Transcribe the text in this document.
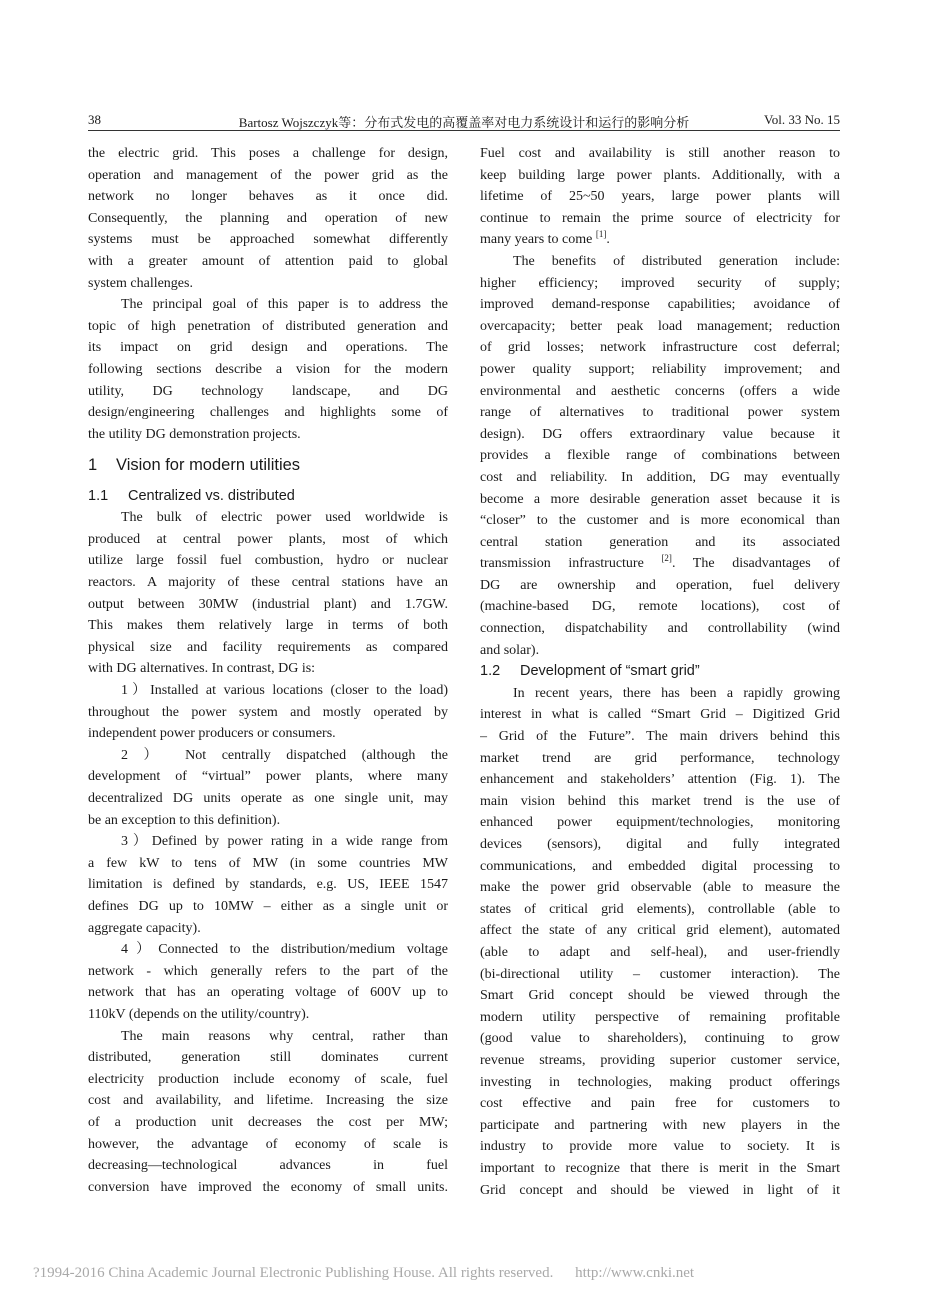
38	Bartosz Wojszczyk等：分布式发电的高覆盖率对电力系统设计和运行的影响分析	Vol. 33 No. 15
the electric grid. This poses a challenge for design,
operation and management of the power grid as the
network no longer behaves as it once did.
Consequently, the planning and operation of new
systems must be approached somewhat differently
with a greater amount of attention paid to global
system challenges.
The principal goal of this paper is to address the
topic of high penetration of distributed generation and
its impact on grid design and operations. The
following sections describe a vision for the modern
utility, DG technology landscape, and DG
design/engineering challenges and highlights some of
the utility DG demonstration projects.
1 Vision for modern utilities
1.1 Centralized vs. distributed
The bulk of electric power used worldwide is
produced at central power plants, most of which
utilize large fossil fuel combustion, hydro or nuclear
reactors. A majority of these central stations have an
output between 30MW (industrial plant) and 1.7GW.
This makes them relatively large in terms of both
physical size and facility requirements as compared
with DG alternatives. In contrast, DG is:
1）Installed at various locations (closer to the load)
throughout the power system and mostly operated by
independent power producers or consumers.
2 ） Not centrally dispatched (although the
development of “virtual” power plants, where many
decentralized DG units operate as one single unit, may
be an exception to this definition).
3）Defined by power rating in a wide range from
a few kW to tens of MW (in some countries MW
limitation is defined by standards, e.g. US, IEEE 1547
defines DG up to 10MW – either as a single unit or
aggregate capacity).
4）Connected to the distribution/medium voltage
network - which generally refers to the part of the
network that has an operating voltage of 600V up to
110kV (depends on the utility/country).
The main reasons why central, rather than
distributed, generation still dominates current
electricity production include economy of scale, fuel
cost and availability, and lifetime. Increasing the size
of a production unit decreases the cost per MW;
however, the advantage of economy of scale is
decreasing—technological advances in fuel
conversion have improved the economy of small units.
Fuel cost and availability is still another reason to
keep building large power plants. Additionally, with a
lifetime of 25~50 years, large power plants will
continue to remain the prime source of electricity for
many years to come [1].
The benefits of distributed generation include:
higher efficiency; improved security of supply;
improved demand-response capabilities; avoidance of
overcapacity; better peak load management; reduction
of grid losses; network infrastructure cost deferral;
power quality support; reliability improvement; and
environmental and aesthetic concerns (offers a wide
range of alternatives to traditional power system
design). DG offers extraordinary value because it
provides a flexible range of combinations between
cost and reliability. In addition, DG may eventually
become a more desirable generation asset because it is
“closer” to the customer and is more economical than
central station generation and its associated
transmission infrastructure [2]. The disadvantages of
DG are ownership and operation, fuel delivery
(machine-based DG, remote locations), cost of
connection, dispatchability and controllability (wind
and solar).
1.2 Development of “smart grid”
In recent years, there has been a rapidly growing
interest in what is called “Smart Grid – Digitized Grid
– Grid of the Future”. The main drivers behind this
market trend are grid performance, technology
enhancement and stakeholders’ attention (Fig. 1). The
main vision behind this market trend is the use of
enhanced power equipment/technologies, monitoring
devices (sensors), digital and fully integrated
communications, and embedded digital processing to
make the power grid observable (able to measure the
states of critical grid elements), controllable (able to
affect the state of any critical grid element), automated
(able to adapt and self-heal), and user-friendly
(bi-directional utility – customer interaction). The
Smart Grid concept should be viewed through the
modern utility perspective of remaining profitable
(good value to shareholders), continuing to grow
revenue streams, providing superior customer service,
investing in technologies, making product offerings
cost effective and pain free for customers to
participate and partnering with new players in the
industry to provide more value to society. It is
important to recognize that there is merit in the Smart
Grid concept and should be viewed in light of it
?1994-2016 China Academic Journal Electronic Publishing House. All rights reserved. http://www.cnki.net
